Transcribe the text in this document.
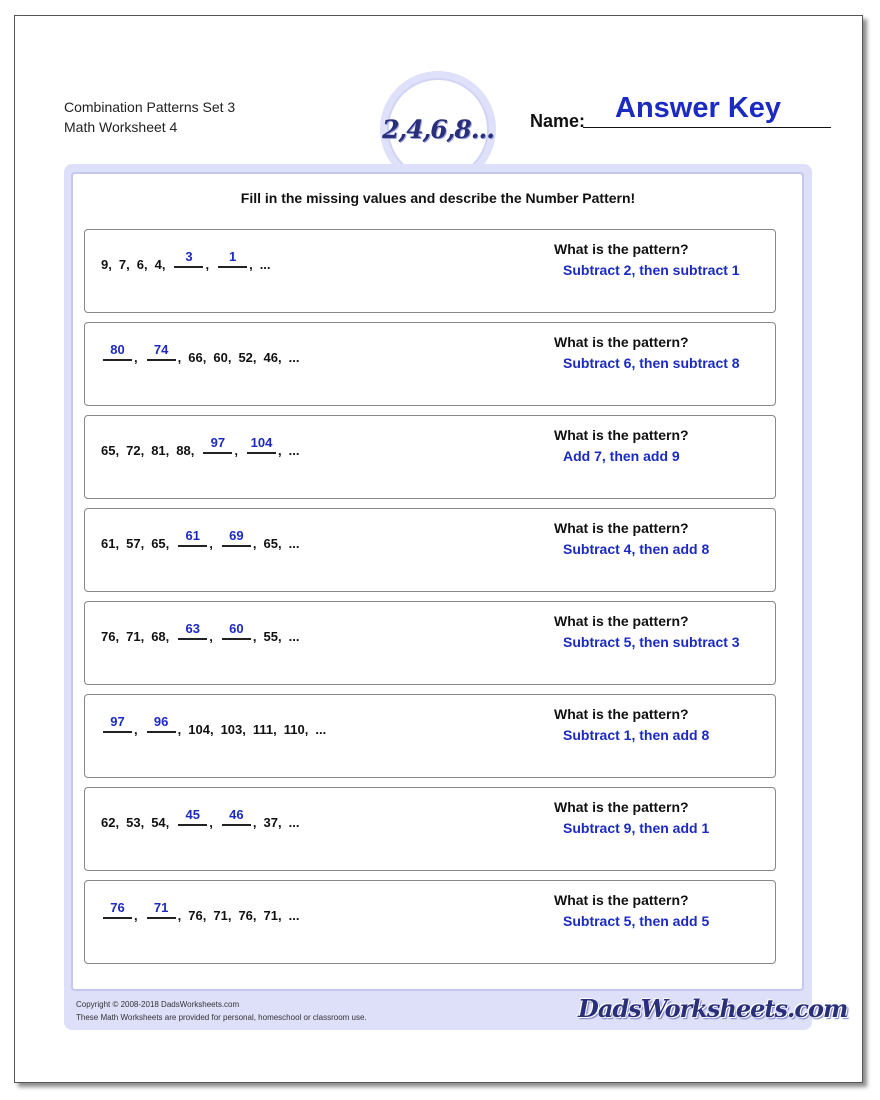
Combination Patterns Set 3
Math Worksheet 4	2,4,6,8... Name: Answer Key
Fill in the missing values and describe the Number Pattern!
9 , 7 , 6 , 4 ,
3
,
1
, ...
What is the pattern?
Subtract 2, then subtract 1
80
,
74
, 66 , 60 , 52 , 46 , ...
What is the pattern?
Subtract 6, then subtract 8
65 , 72 , 81 , 88 ,
97
,
104
, ...
What is the pattern?
Add 7, then add 9
61 , 57 , 65 ,
61
,
69
, 65 , ...
What is the pattern?
Subtract 4, then add 8
76 , 71 , 68 ,
63
,
60
, 55 , ...
What is the pattern?
Subtract 5, then subtract 3
97
,
96
, 104 , 103 , 111 , 110 , ...
What is the pattern?
Subtract 1, then add 8
62 , 53 , 54 ,
45
,
46
, 37 , ...
What is the pattern?
Subtract 9, then add 1
76
,
71
, 76 , 71 , 76 , 71 , ...
What is the pattern?
Subtract 5, then add 5
Copyright © 2008-2018 DadsWorksheets.com
These Math Worksheets are provided for personal, homeschool or classroom use.	DadsWorksheets.com
